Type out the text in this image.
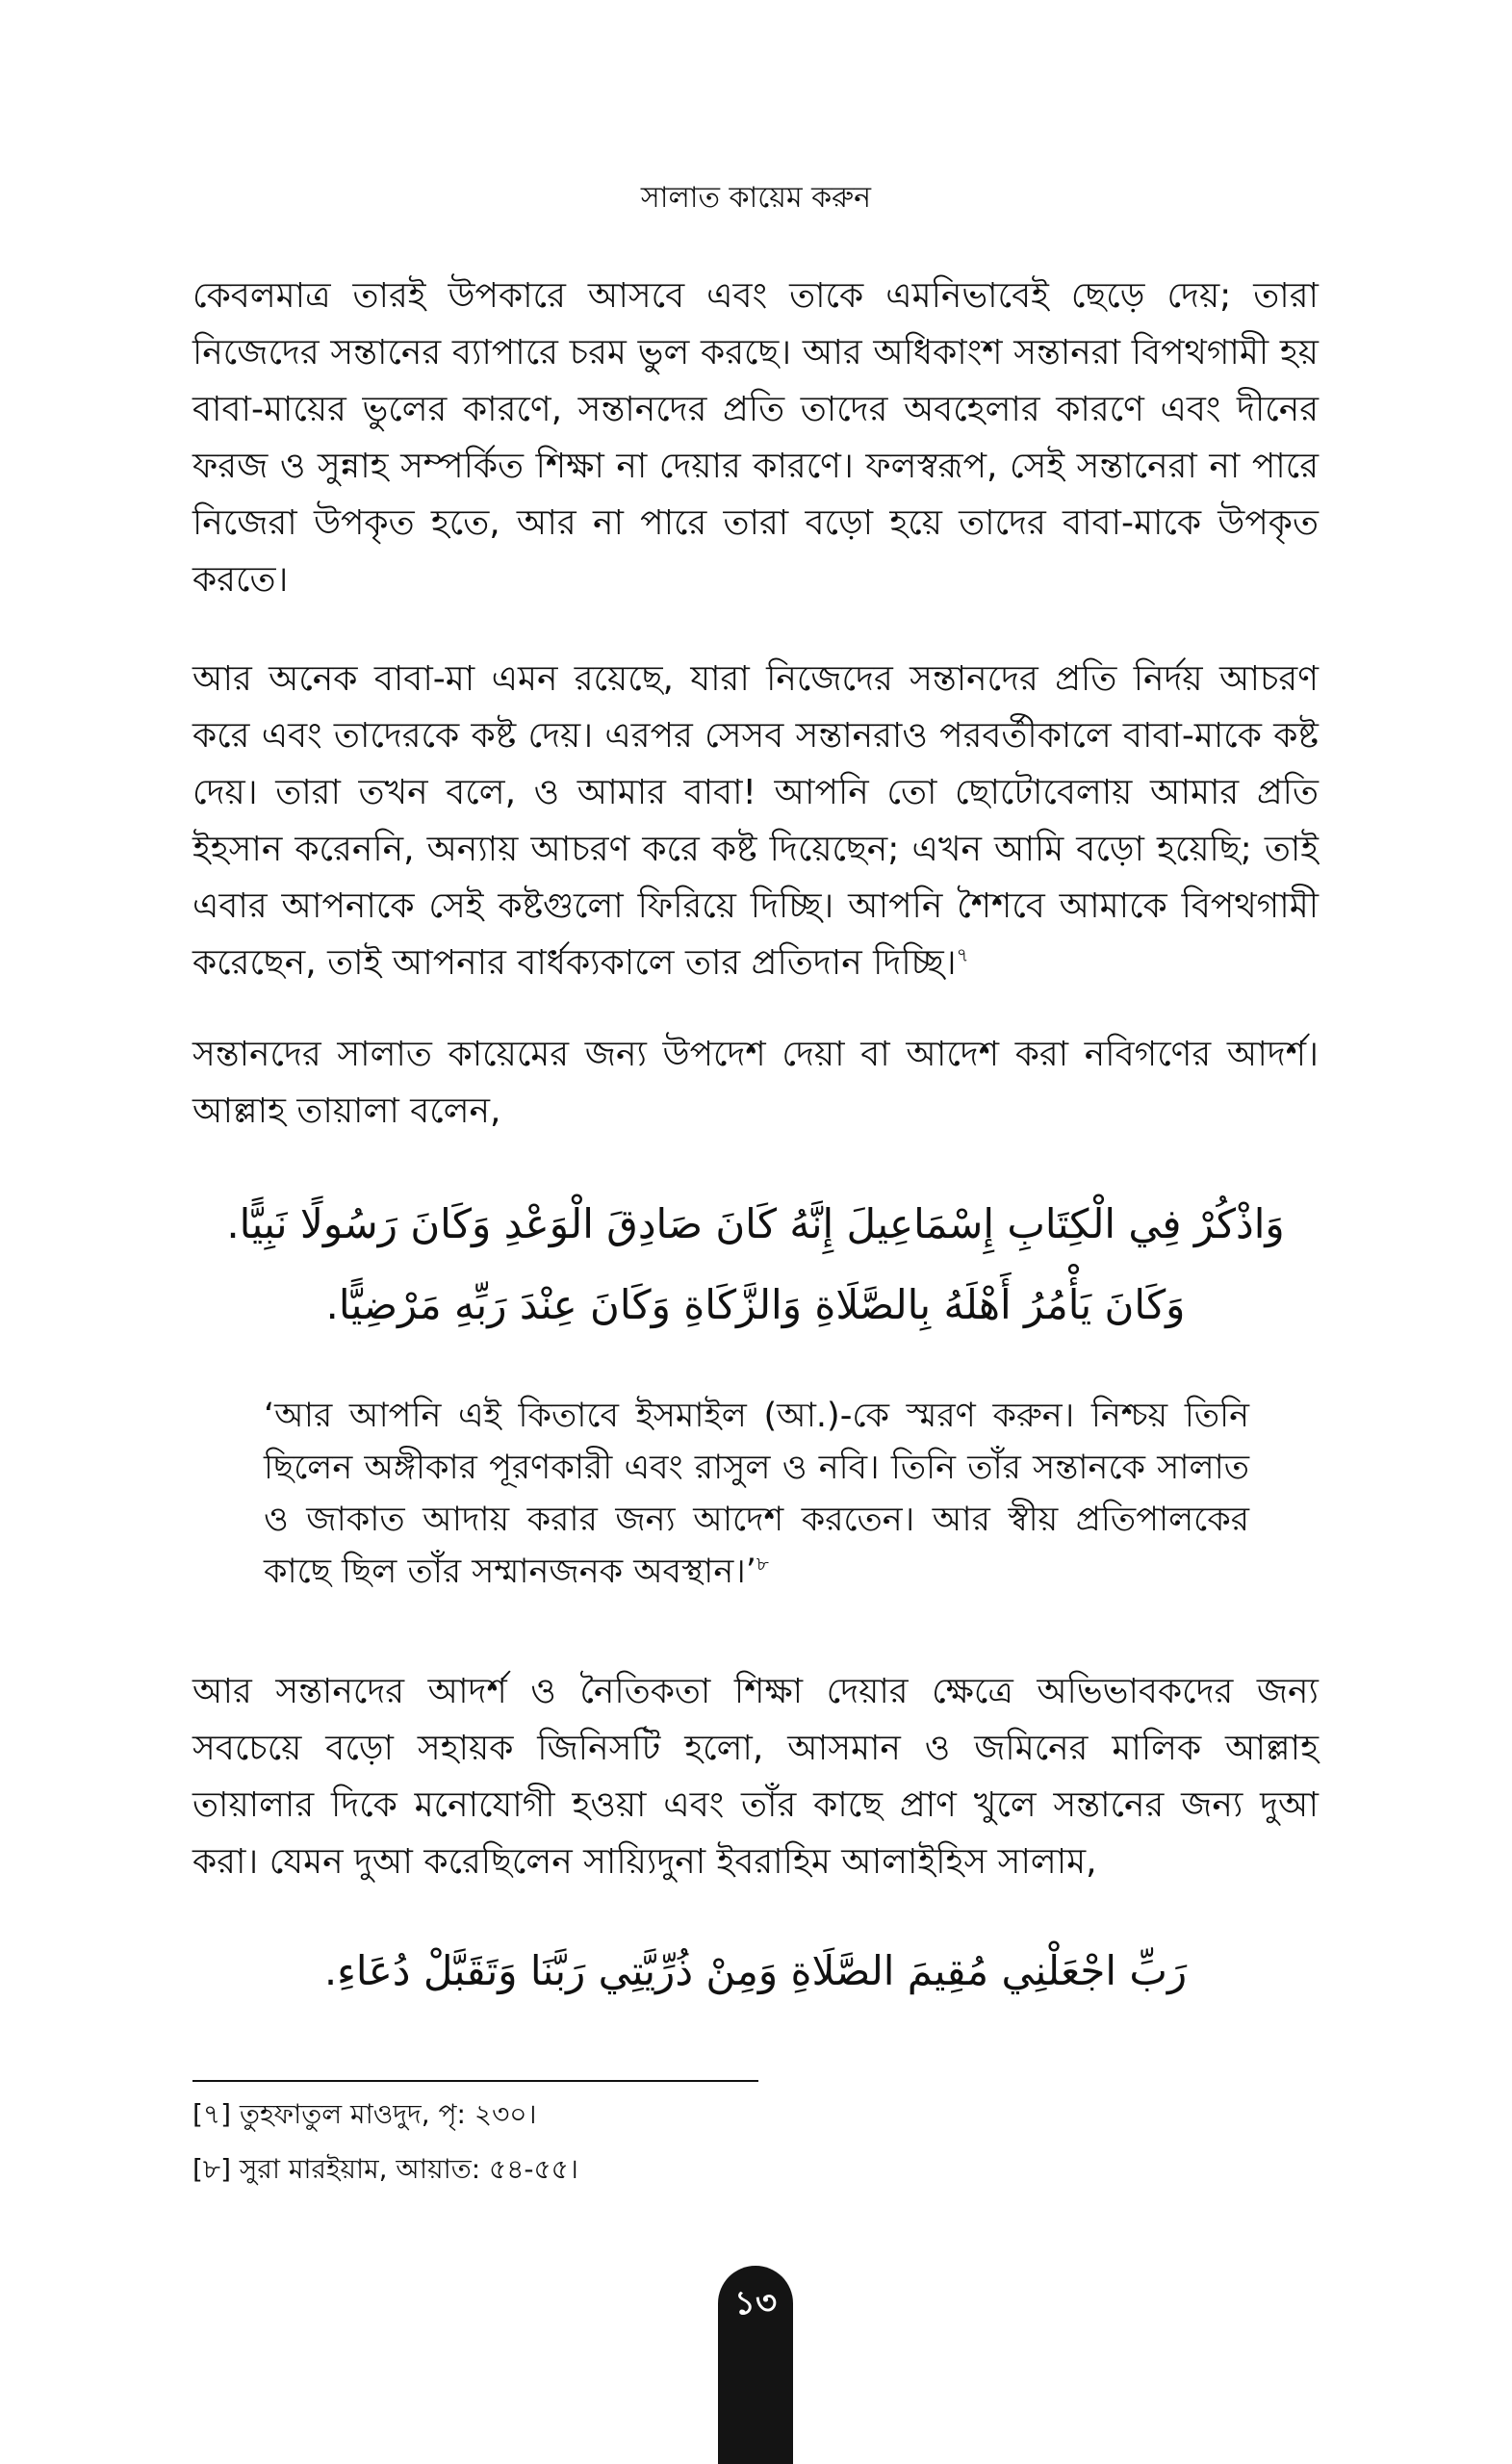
সালাত কায়েম করুন

কেবলমাত্র তারই উপকারে আসবে এবং তাকে এমনিভাবেই ছেড়ে দেয়; তারা নিজেদের সন্তানের ব্যাপারে চরম ভুল করছে। আর অধিকাংশ সন্তানরা বিপথগামী হয় বাবা-মায়ের ভুলের কারণে, সন্তানদের প্রতি তাদের অবহেলার কারণে এবং দীনের ফরজ ও সুন্নাহ সম্পর্কিত শিক্ষা না দেয়ার কারণে। ফলস্বরূপ, সেই সন্তানেরা না পারে নিজেরা উপকৃত হতে, আর না পারে তারা বড়ো হয়ে তাদের বাবা-মাকে উপকৃত করতে।

আর অনেক বাবা-মা এমন রয়েছে, যারা নিজেদের সন্তানদের প্রতি নির্দয় আচরণ করে এবং তাদেরকে কষ্ট দেয়। এরপর সেসব সন্তানরাও পরবর্তীকালে বাবা-মাকে কষ্ট দেয়। তারা তখন বলে, ও আমার বাবা! আপনি তো ছোটোবেলায় আমার প্রতি ইহসান করেননি, অন্যায় আচরণ করে কষ্ট দিয়েছেন; এখন আমি বড়ো হয়েছি; তাই এবার আপনাকে সেই কষ্টগুলো ফিরিয়ে দিচ্ছি। আপনি শৈশবে আমাকে বিপথগামী করেছেন, তাই আপনার বার্ধক্যকালে তার প্রতিদান দিচ্ছি।$^৭$

সন্তানদের সালাত কায়েমের জন্য উপদেশ দেয়া বা আদেশ করা নবিগণের আদর্শ। আল্লাহ তায়ালা বলেন,

وَاذْكُرْ فِي الْكِتَابِ إِسْمَاعِيلَ إِنَّهُ كَانَ صَادِقَ الْوَعْدِ وَكَانَ رَسُولًا نَبِيًّا.

وَكَانَ يَأْمُرُ أَهْلَهُ بِالصَّلَاةِ وَالزَّكَاةِ وَكَانَ عِنْدَ رَبِّهِ مَرْضِيًّا.

‘আর আপনি এই কিতাবে ইসমাইল (আ.)-কে স্মরণ করুন। নিশ্চয় তিনি ছিলেন অঙ্গীকার পূরণকারী এবং রাসুল ও নবি। তিনি তাঁর সন্তানকে সালাত ও জাকাত আদায় করার জন্য আদেশ করতেন। আর স্বীয় প্রতিপালকের কাছে ছিল তাঁর সম্মানজনক অবস্থান।’$^৮$

আর সন্তানদের আদর্শ ও নৈতিকতা শিক্ষা দেয়ার ক্ষেত্রে অভিভাবকদের জন্য সবচেয়ে বড়ো সহায়ক জিনিসটি হলো, আসমান ও জমিনের মালিক আল্লাহ তায়ালার দিকে মনোযোগী হওয়া এবং তাঁর কাছে প্রাণ খুলে সন্তানের জন্য দুআ করা। যেমন দুআ করেছিলেন সায়্যিদুনা ইবরাহিম আলাইহিস সালাম,

رَبِّ اجْعَلْنِي مُقِيمَ الصَّلَاةِ وَمِنْ ذُرِّيَّتِي رَبَّنَا وَتَقَبَّلْ دُعَاءِ.

[৭] তুহফাতুল মাওদুদ, পৃ: ২৩০।

[৮] সুরা মারইয়াম, আয়াত: ৫৪-৫৫।

১৩
